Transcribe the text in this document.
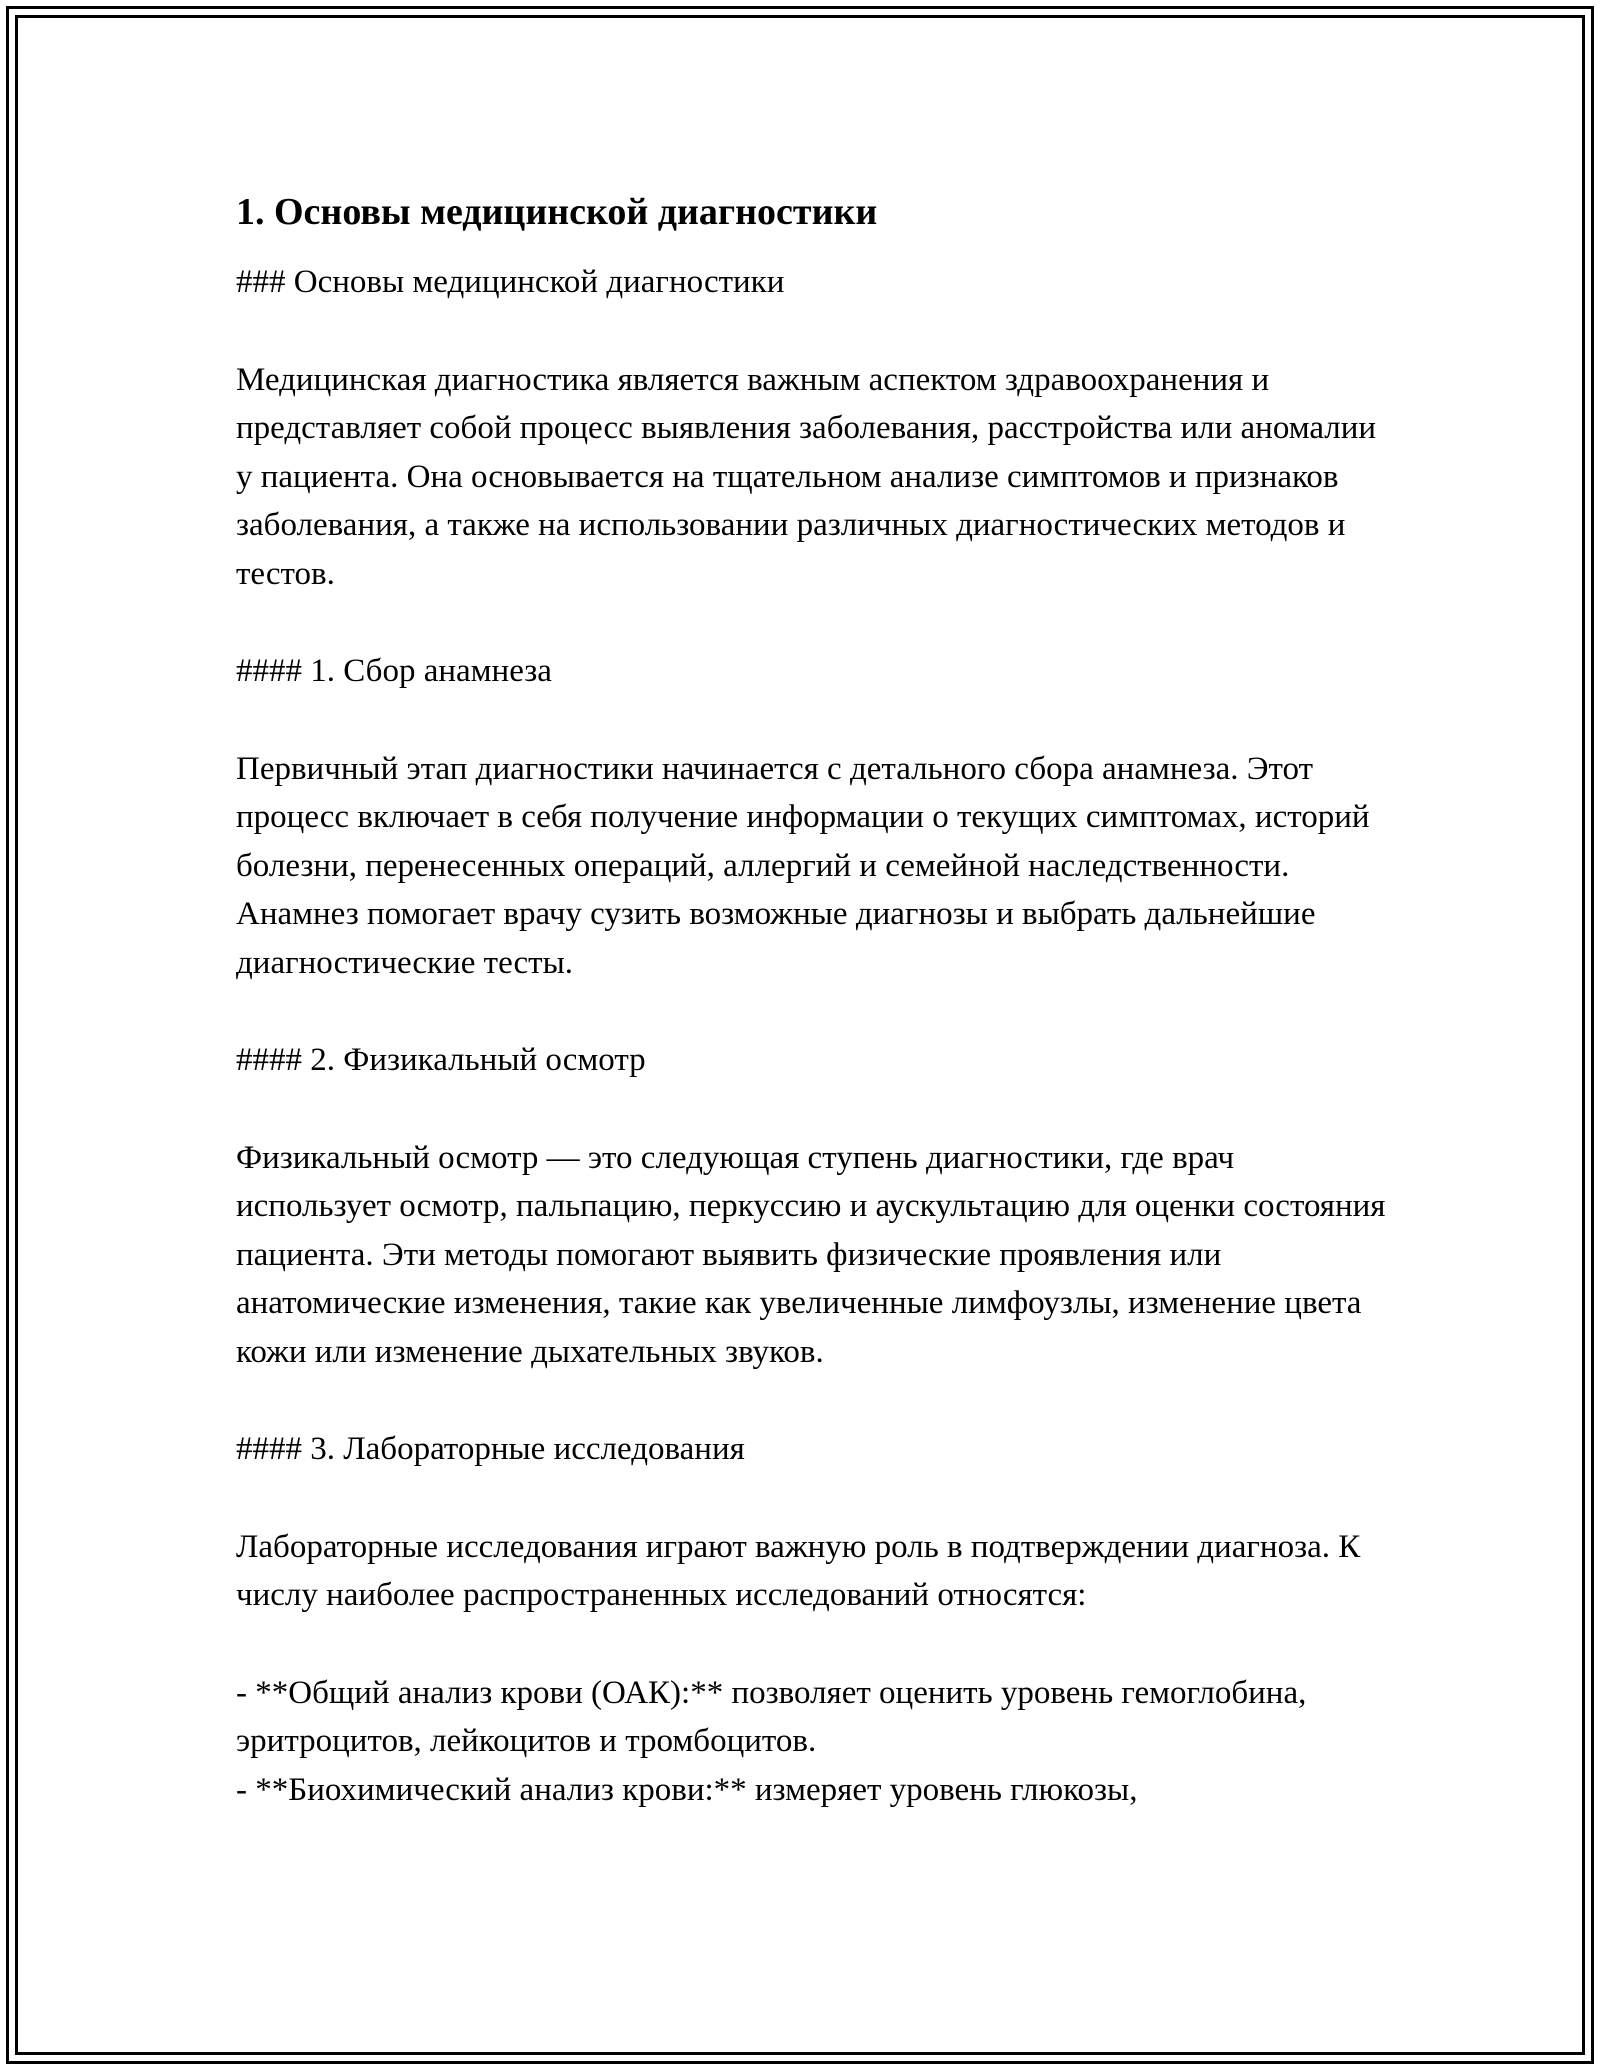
1. Основы медицинской диагностики

### Основы медицинской диагностики

Медицинская диагностика является важным аспектом здравоохранения и представляет собой процесс выявления заболевания, расстройства или аномалии у пациента. Она основывается на тщательном анализе симптомов и признаков заболевания, а также на использовании различных диагностических методов и тестов.

#### 1. Сбор анамнеза

Первичный этап диагностики начинается с детального сбора анамнеза. Этот процесс включает в себя получение информации о текущих симптомах, историй болезни, перенесенных операций, аллергий и семейной наследственности. Анамнез помогает врачу сузить возможные диагнозы и выбрать дальнейшие диагностические тесты.

#### 2. Физикальный осмотр

Физикальный осмотр — это следующая ступень диагностики, где врач использует осмотр, пальпацию, перкуссию и аускультацию для оценки состояния пациента. Эти методы помогают выявить физические проявления или анатомические изменения, такие как увеличенные лимфоузлы, изменение цвета кожи или изменение дыхательных звуков.

#### 3. Лабораторные исследования

Лабораторные исследования играют важную роль в подтверждении диагноза. К числу наиболее распространенных исследований относятся:

- **Общий анализ крови (ОАК):** позволяет оценить уровень гемоглобина, эритроцитов, лейкоцитов и тромбоцитов.

- **Биохимический анализ крови:** измеряет уровень глюкозы,
